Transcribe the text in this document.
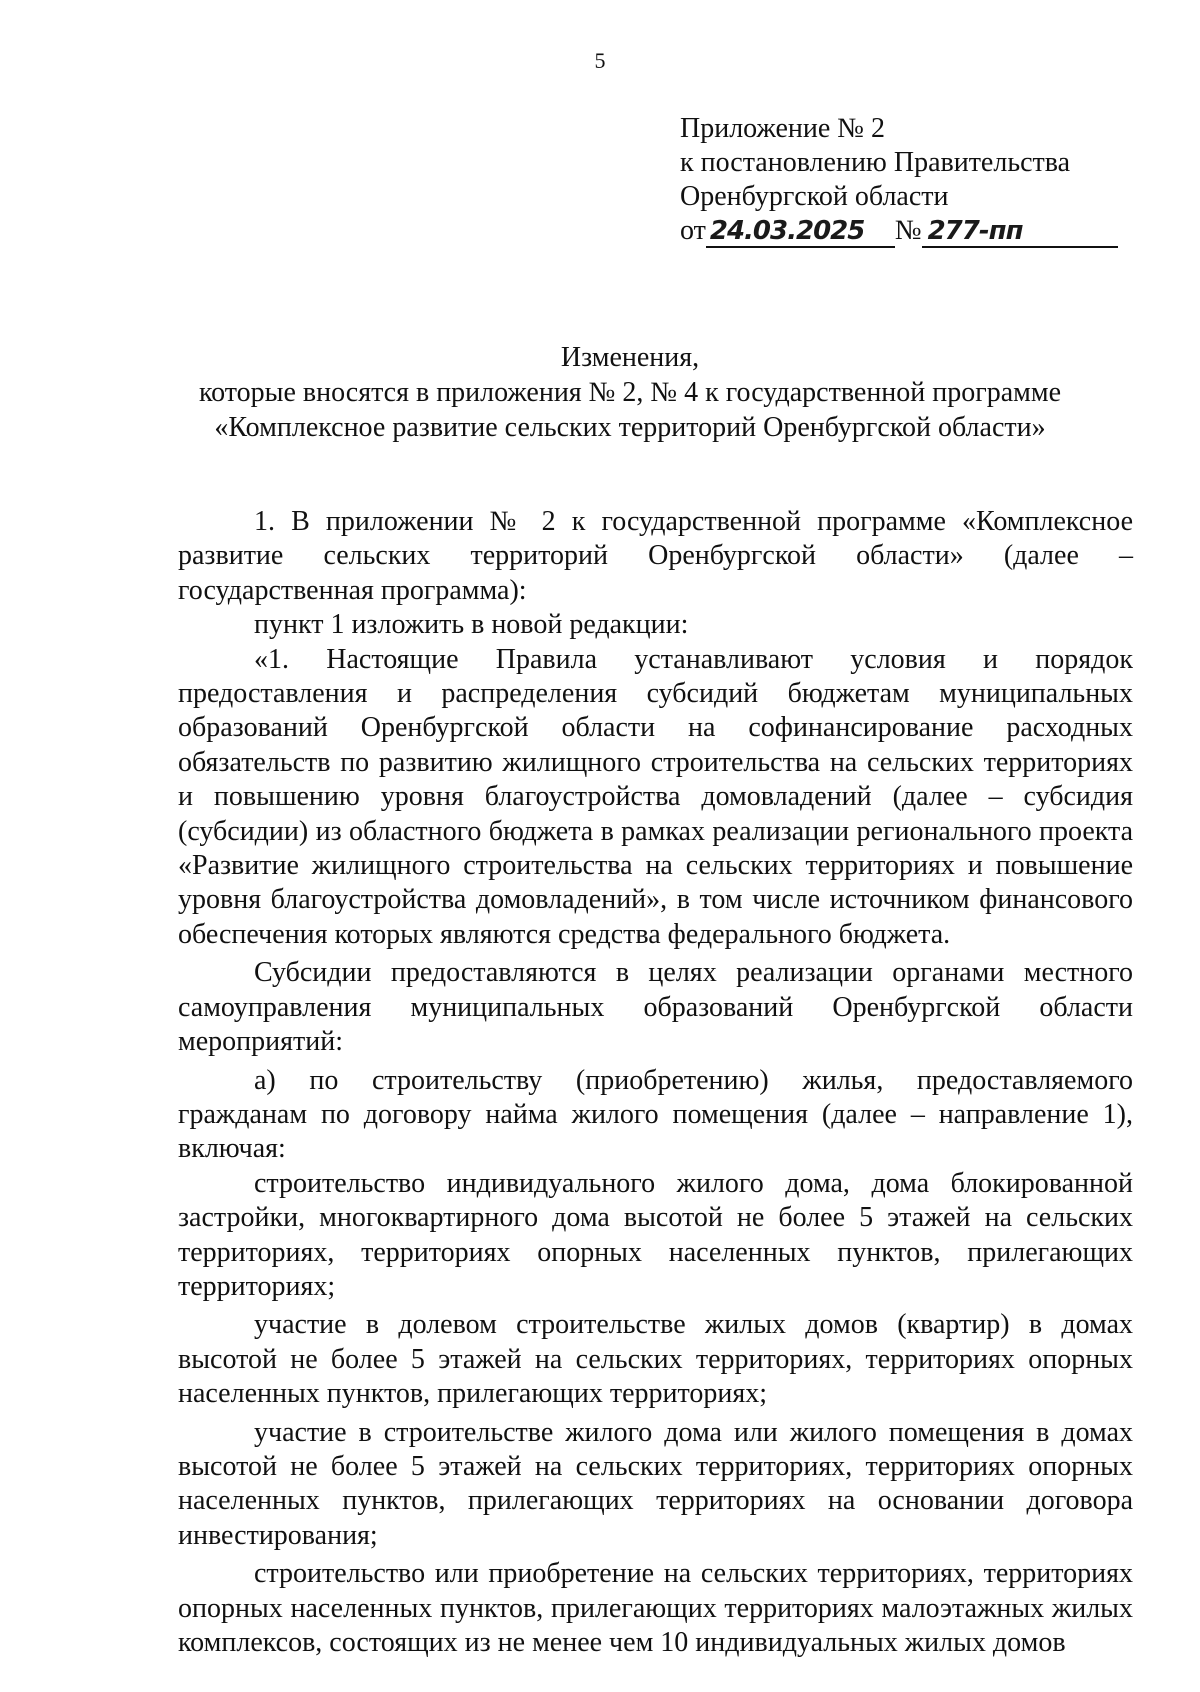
5
Приложение № 2
к постановлению Правительства
Оренбургской области
от 24.03.2025 № 277-пп
Изменения,
которые вносятся в приложения № 2, № 4 к государственной программе
«Комплексное развитие сельских территорий Оренбургской области»

1. В приложении № 2 к государственной программе «Комплексное развитие сельских территорий Оренбургской области» (далее – государственная программа):

пункт 1 изложить в новой редакции:

«1. Настоящие Правила устанавливают условия и порядок предоставления и распределения субсидий бюджетам муниципальных образований Оренбургской области на софинансирование расходных обязательств по развитию жилищного строительства на сельских территориях и повышению уровня благоустройства домовладений (далее – субсидия (субсидии) из областного бюджета в рамках реализации регионального проекта «Развитие жилищного строительства на сельских территориях и повышение уровня благоустройства домовладений», в том числе источником финансового обеспечения которых являются средства федерального бюджета.

Субсидии предоставляются в целях реализации органами местного самоуправления муниципальных образований Оренбургской области мероприятий:

а) по строительству (приобретению) жилья, предоставляемого гражданам по договору найма жилого помещения (далее – направление 1), включая:

строительство индивидуального жилого дома, дома блокированной застройки, многоквартирного дома высотой не более 5 этажей на сельских территориях, территориях опорных населенных пунктов, прилегающих территориях;

участие в долевом строительстве жилых домов (квартир) в домах высотой не более 5 этажей на сельских территориях, территориях опорных населенных пунктов, прилегающих территориях;

участие в строительстве жилого дома или жилого помещения в домах высотой не более 5 этажей на сельских территориях, территориях опорных населенных пунктов, прилегающих территориях на основании договора инвестирования;

строительство или приобретение на сельских территориях, территориях опорных населенных пунктов, прилегающих территориях малоэтажных жилых комплексов, состоящих из не менее чем 10 индивидуальных жилых домов
